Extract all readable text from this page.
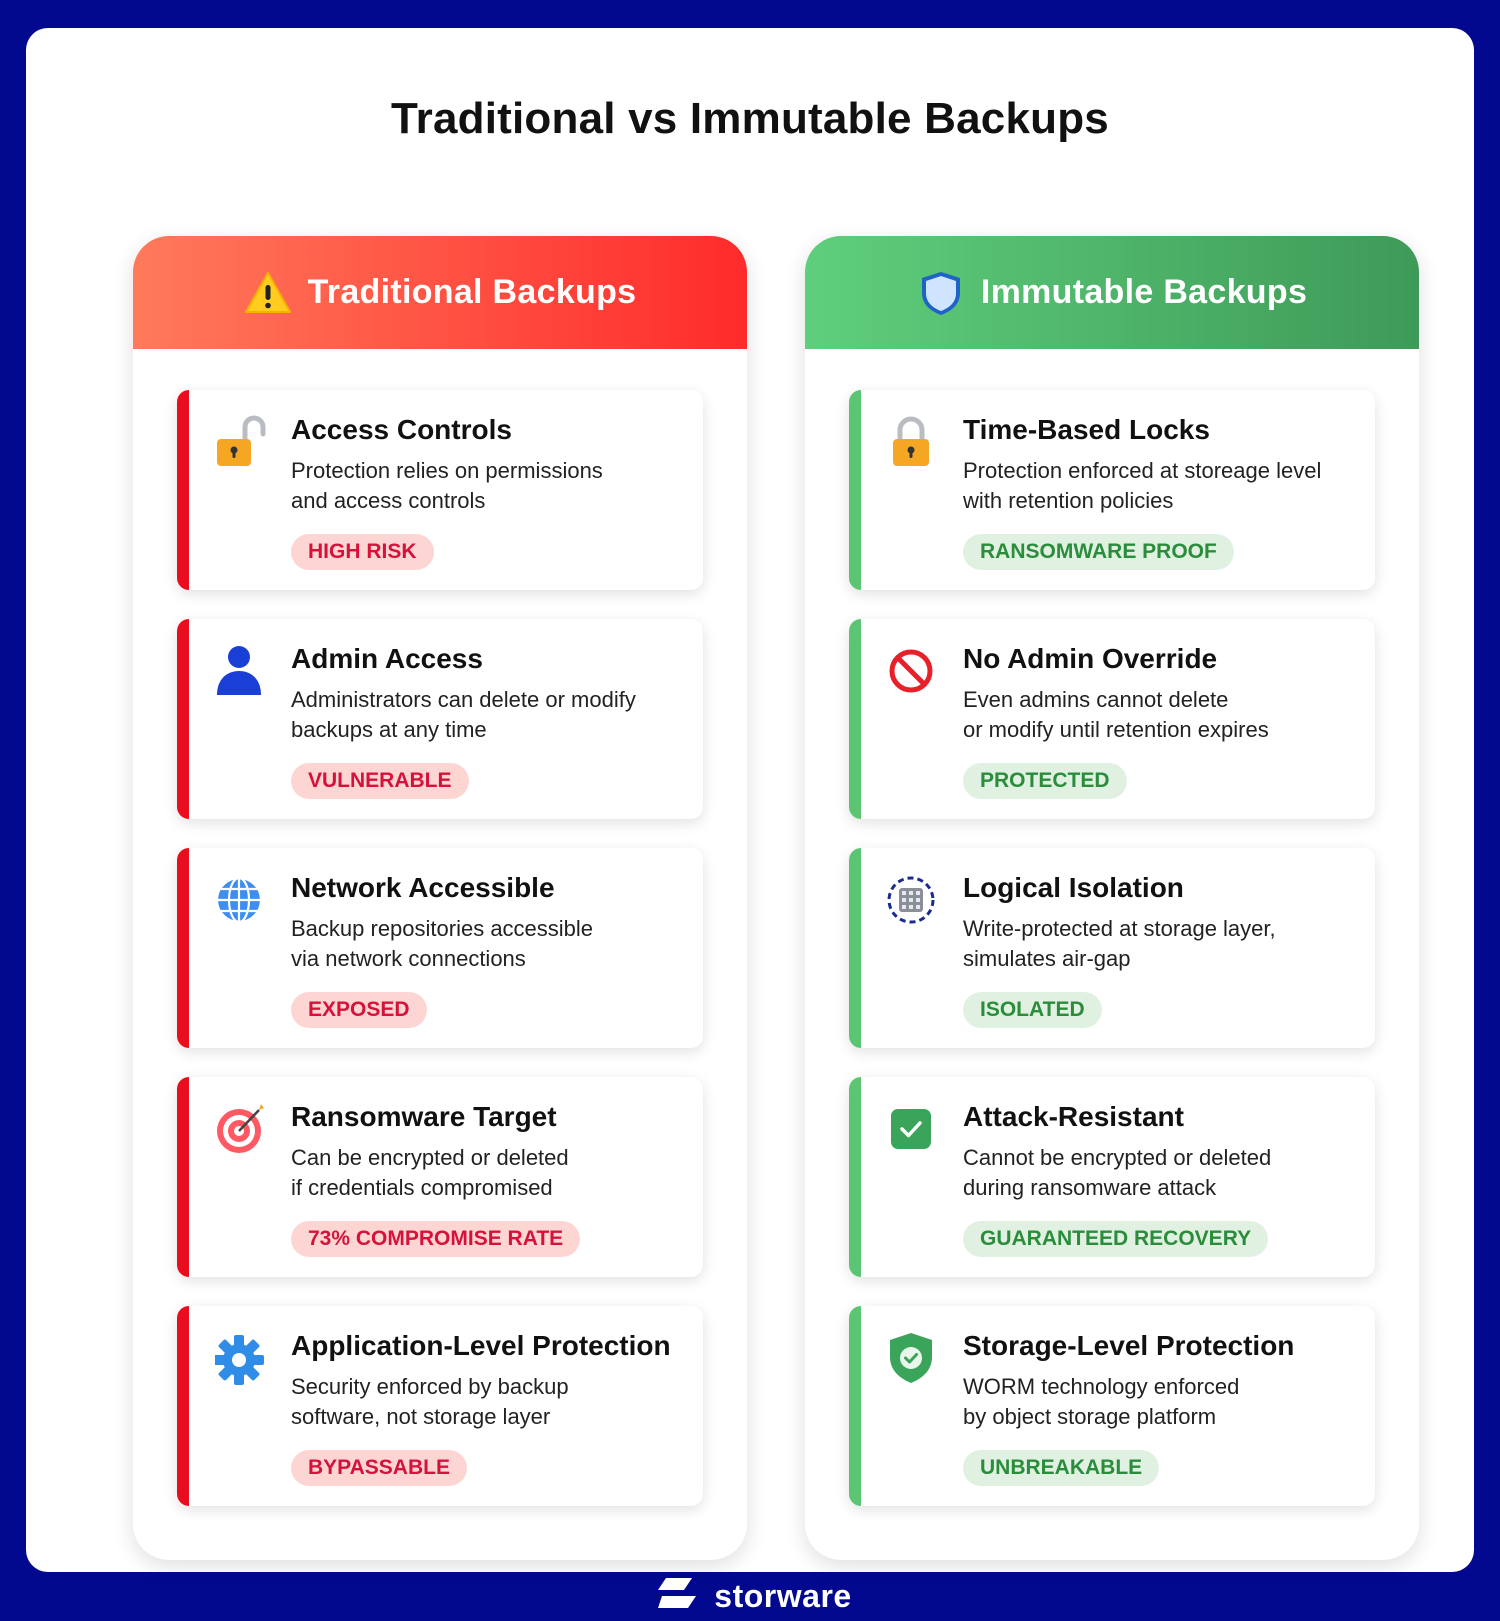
Traditional vs Immutable Backups
Traditional Backups
Access Controls
Protection relies on permissions
and access controls
HIGH RISK
Admin Access
Administrators can delete or modify
backups at any time
VULNERABLE
Network Accessible
Backup repositories accessible
via network connections
EXPOSED
Ransomware Target
Can be encrypted or deleted
if credentials compromised
73% COMPROMISE RATE
Application-Level Protection
Security enforced by backup
software, not storage layer
BYPASSABLE
Immutable Backups
Time-Based Locks
Protection enforced at storeage level
with retention policies
RANSOMWARE PROOF
No Admin Override
Even admins cannot delete
or modify until retention expires
PROTECTED
Logical Isolation
Write-protected at storage layer,
simulates air-gap
ISOLATED
Attack-Resistant
Cannot be encrypted or deleted
during ransomware attack
GUARANTEED RECOVERY
Storage-Level Protection
WORM technology enforced
by object storage platform
UNBREAKABLE
storware
